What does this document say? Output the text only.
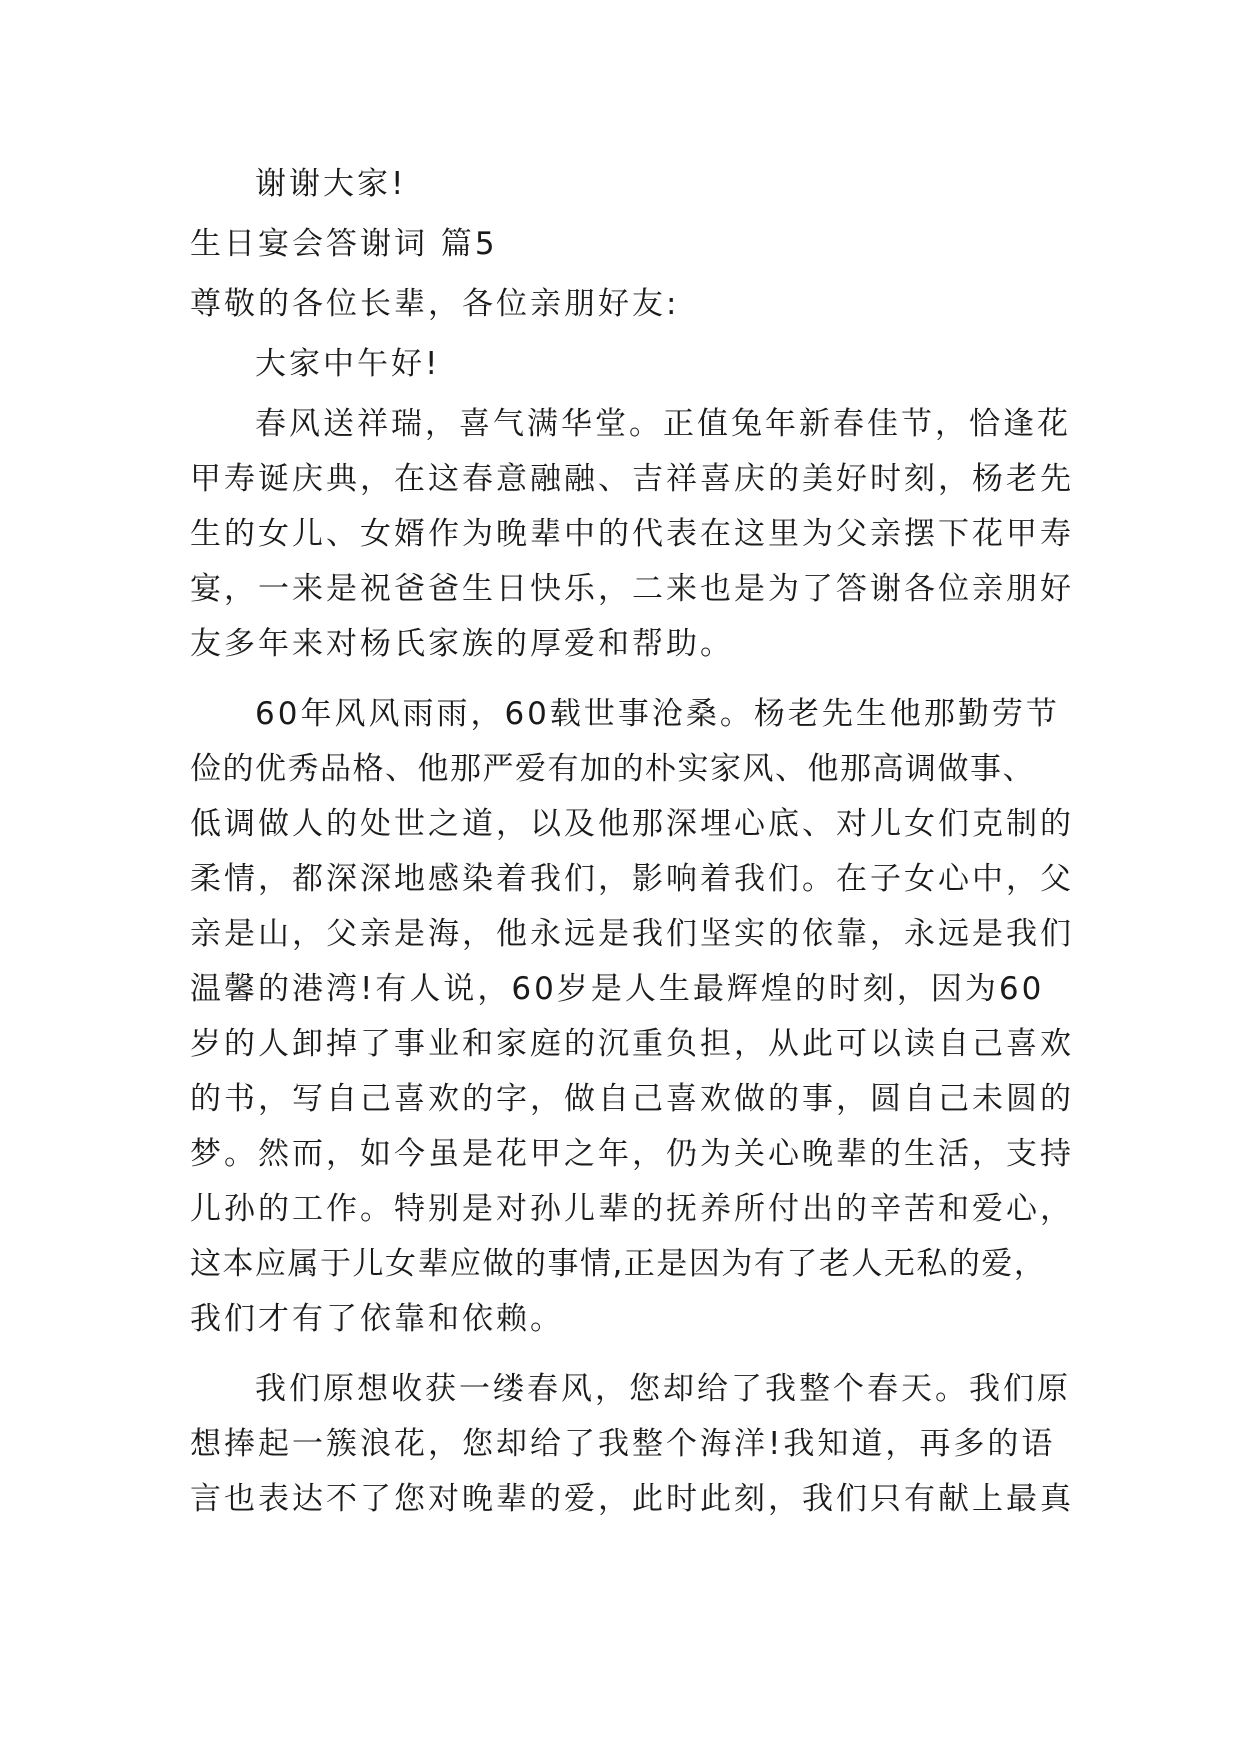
谢谢大家!
生日宴会答谢词 篇5
尊敬的各位长辈，各位亲朋好友:
大家中午好!
春风送祥瑞，喜气满华堂。正值兔年新春佳节，恰逢花
甲寿诞庆典，在这春意融融、吉祥喜庆的美好时刻，杨老先
生的女儿、女婿作为晚辈中的代表在这里为父亲摆下花甲寿
宴，一来是祝爸爸生日快乐，二来也是为了答谢各位亲朋好
友多年来对杨氏家族的厚爱和帮助。
60年风风雨雨，60载世事沧桑。杨老先生他那勤劳节
俭的优秀品格、他那严爱有加的朴实家风、他那高调做事、
低调做人的处世之道，以及他那深埋心底、对儿女们克制的
柔情，都深深地感染着我们，影响着我们。在子女心中，父
亲是山，父亲是海，他永远是我们坚实的依靠，永远是我们
温馨的港湾!有人说，60岁是人生最辉煌的时刻，因为60
岁的人卸掉了事业和家庭的沉重负担，从此可以读自己喜欢
的书，写自己喜欢的字，做自己喜欢做的事，圆自己未圆的
梦。然而，如今虽是花甲之年，仍为关心晚辈的生活，支持
儿孙的工作。特别是对孙儿辈的抚养所付出的辛苦和爱心，
这本应属于儿女辈应做的事情,正是因为有了老人无私的爱，
我们才有了依靠和依赖。
我们原想收获一缕春风，您却给了我整个春天。我们原
想捧起一簇浪花，您却给了我整个海洋!我知道，再多的语
言也表达不了您对晚辈的爱，此时此刻，我们只有献上最真
